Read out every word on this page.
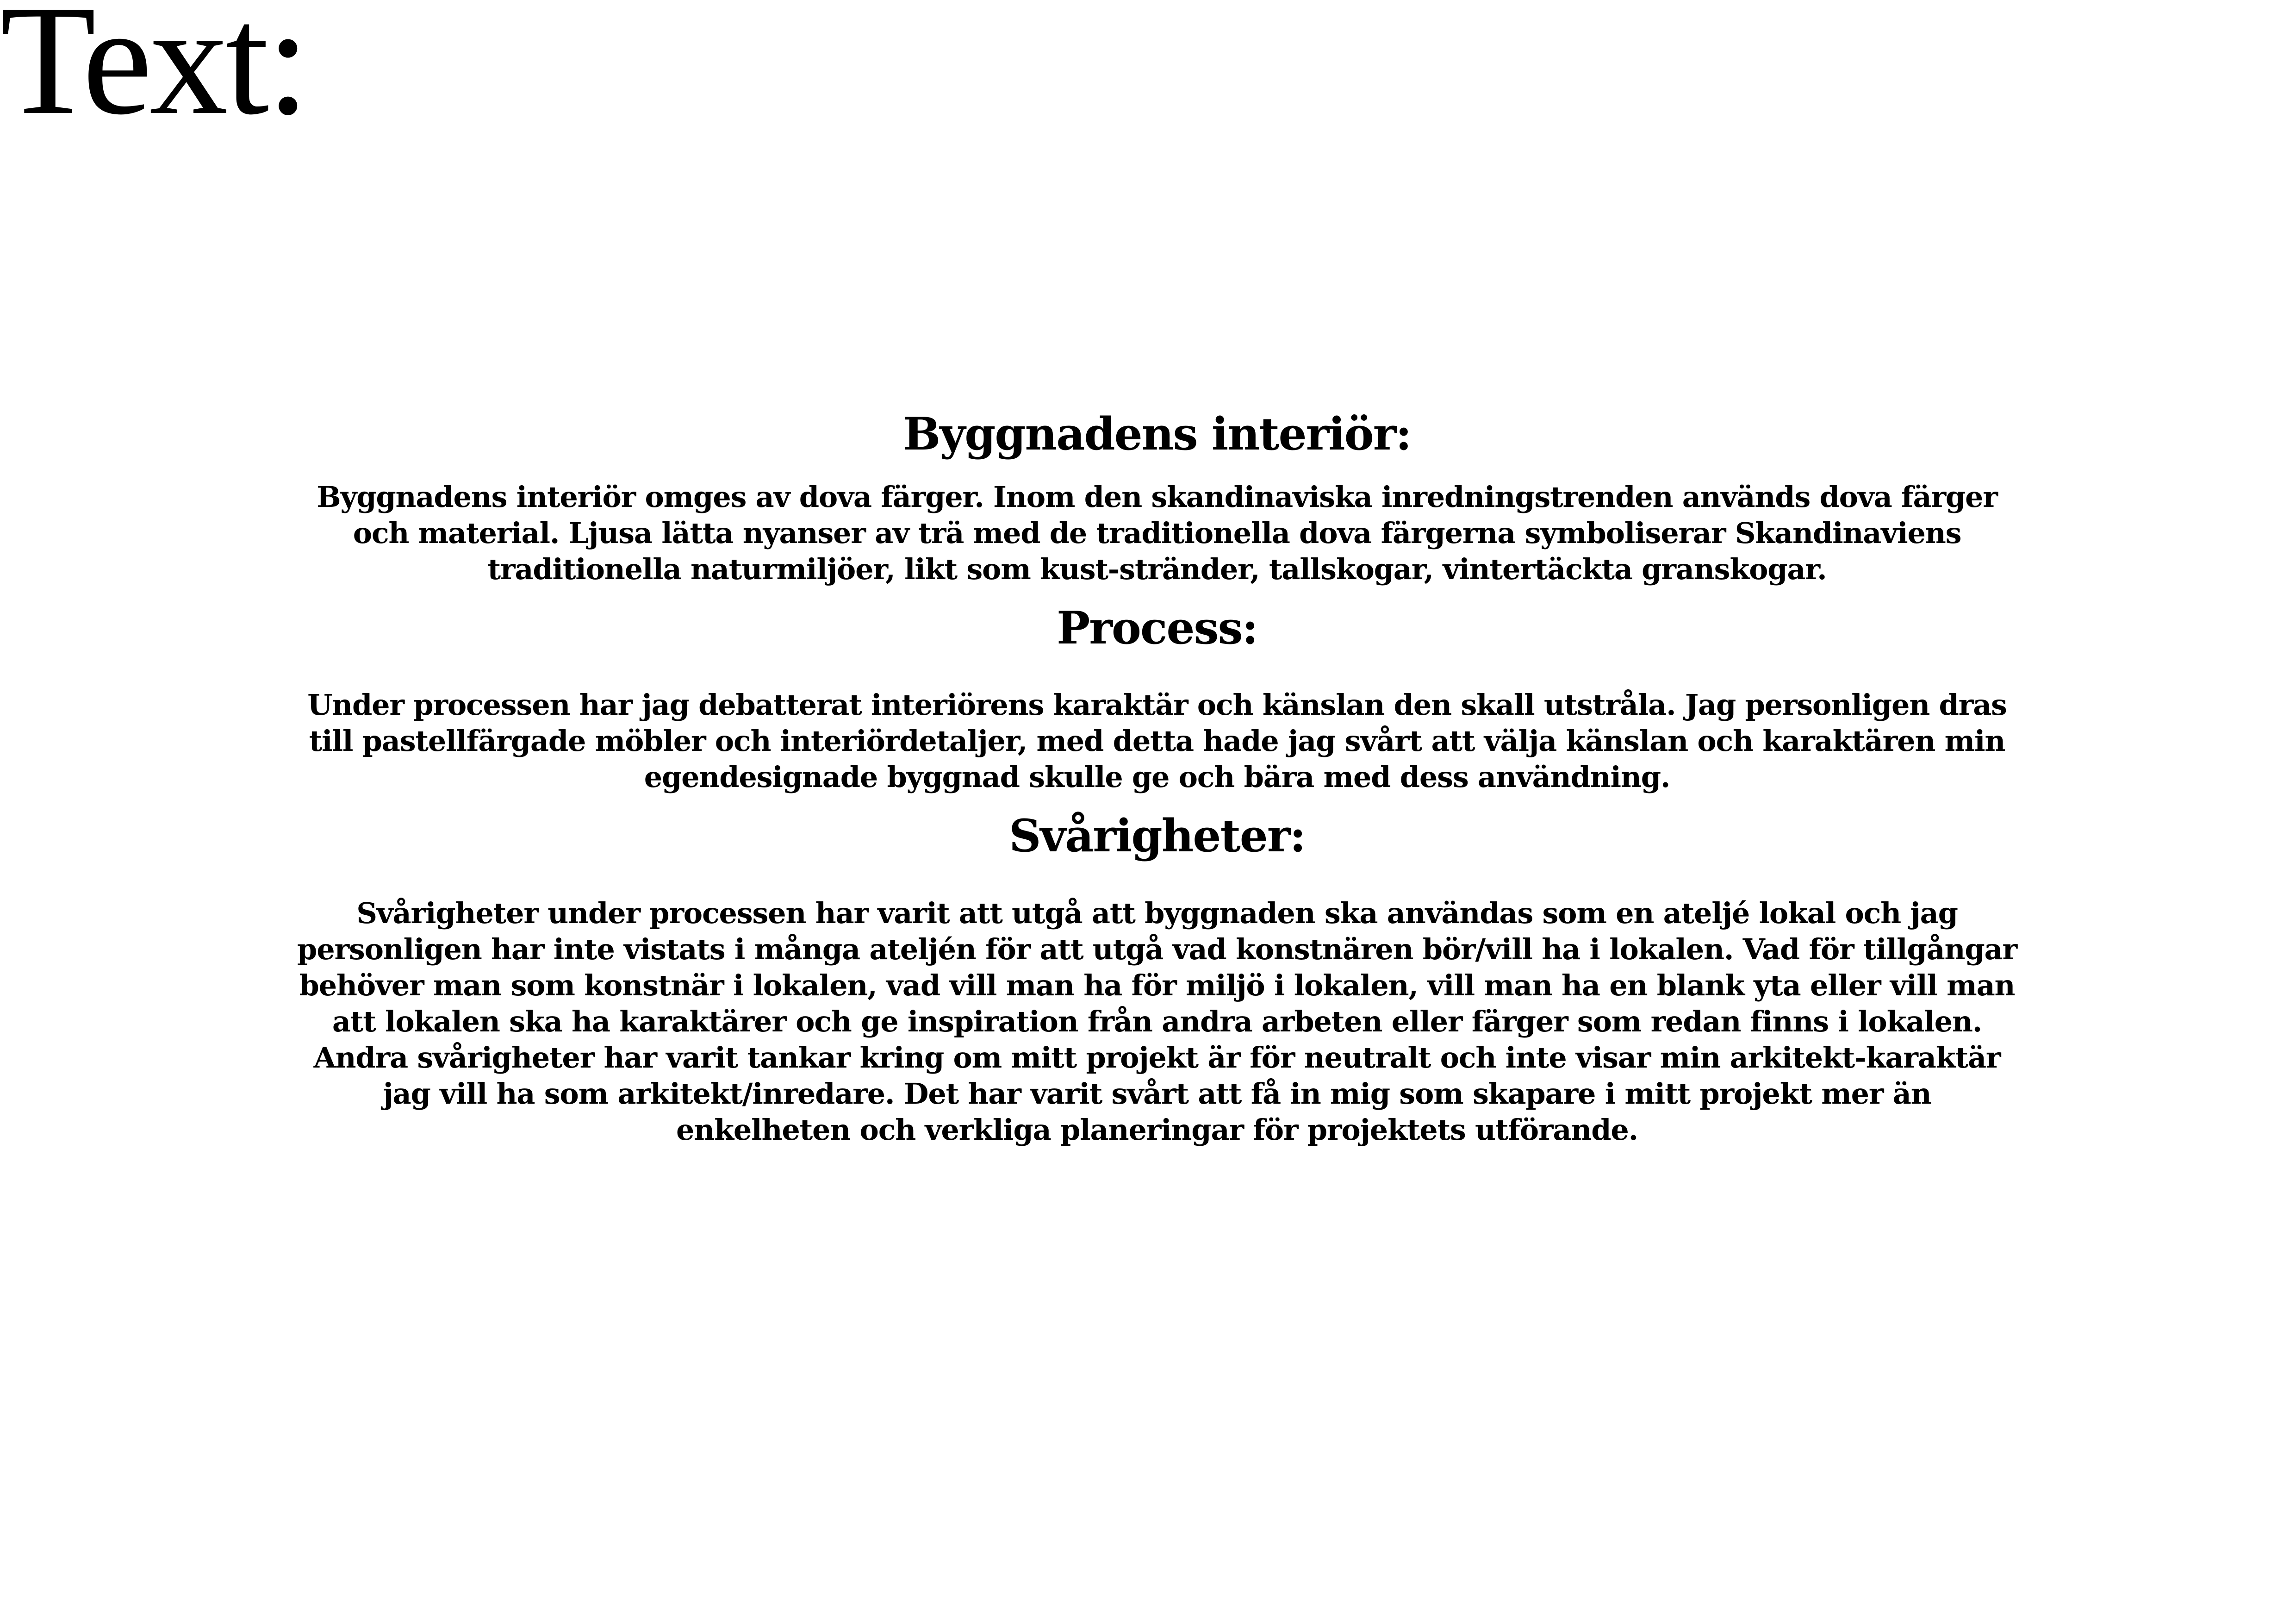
Text:
Byggnadens interiör:

Byggnadens interiör omges av dova färger. Inom den skandinaviska inredningstrenden används dova färger och material. Ljusa lätta nyanser av trä med de traditionella dova färgerna symboliserar Skandinaviens traditionella naturmiljöer, likt som kust-stränder, tallskogar, vintertäckta granskogar.

Process:

Under processen har jag debatterat interiörens karaktär och känslan den skall utstråla. Jag personligen dras till pastellfärgade möbler och interiördetaljer, med detta hade jag svårt att välja känslan och karaktären min egendesignade byggnad skulle ge och bära med dess användning.

Svårigheter:

Svårigheter under processen har varit att utgå att byggnaden ska användas som en ateljé lokal och jag personligen har inte vistats i många ateljén för att utgå vad konstnären bör/vill ha i lokalen. Vad för tillgångar behöver man som konstnär i lokalen, vad vill man ha för miljö i lokalen, vill man ha en blank yta eller vill man att lokalen ska ha karaktärer och ge inspiration från andra arbeten eller färger som redan finns i lokalen. Andra svårigheter har varit tankar kring om mitt projekt är för neutralt och inte visar min arkitekt-karaktär jag vill ha som arkitekt/inredare. Det har varit svårt att få in mig som skapare i mitt projekt mer än enkelheten och verkliga planeringar för projektets utförande.
